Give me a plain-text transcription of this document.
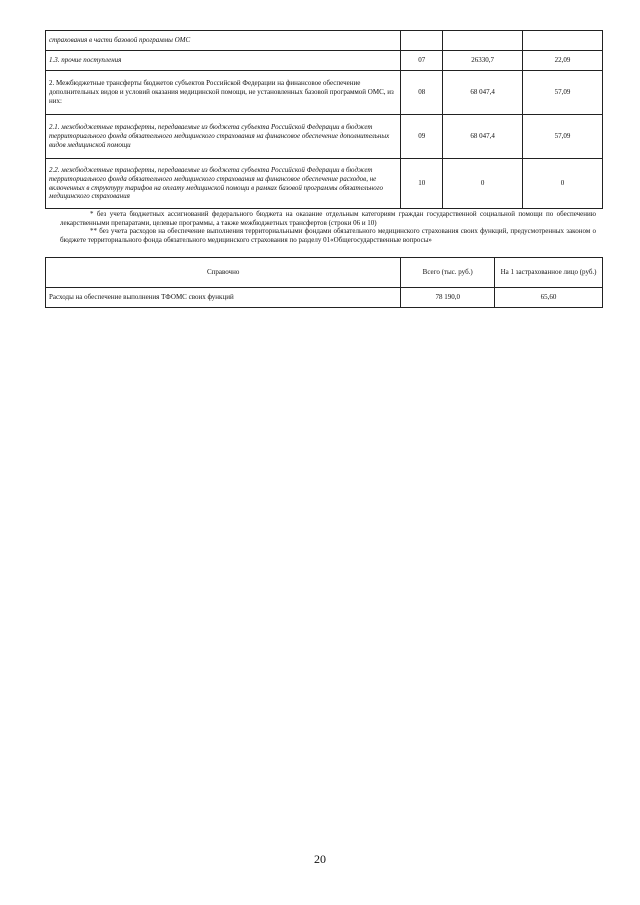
страхования в части базовой программы ОМС			
1.3. прочие поступления	07	26330,7	22,09
2. Межбюджетные трансферты бюджетов субъектов Российской Федерации на финансовое обеспечение дополнительных видов и условий оказания медицинской помощи, не установленных базовой программой ОМС, из них:	08	68 047,4	57,09
2.1. межбюджетные трансферты, передаваемые из бюджета субъекта Российской Федерации в бюджет территориального фонда обязательного медицинского страхования на финансовое обеспечение дополнительных видов медицинской помощи	09	68 047,4	57,09
2.2. межбюджетные трансферты, передаваемые из бюджета субъекта Российской Федерации в бюджет территориального фонда обязательного медицинского страхования на финансовое обеспечение расходов, не включенных в структуру тарифов на оплату медицинской помощи в рамках базовой программы обязательного медицинского страхования	10	0	0

* без учета бюджетных ассигнований федерального бюджета на оказание отдельным категориям граждан государственной социальной помощи по обеспечению лекарственными препаратами, целевые программы, а также межбюджетных трансфертов (строки 06 и 10)

** без учета расходов на обеспечение выполнения территориальными фондами обязательного медицинского страхования своих функций, предусмотренных законом о бюджете территориального фонда обязательного медицинского страхования по разделу 01«Общегосударственные вопросы»

Справочно	Всего (тыс. руб.)	На 1 застрахованное лицо (руб.)
Расходы на обеспечение выполнения ТФОМС своих функций	78 190,0	65,60
20
